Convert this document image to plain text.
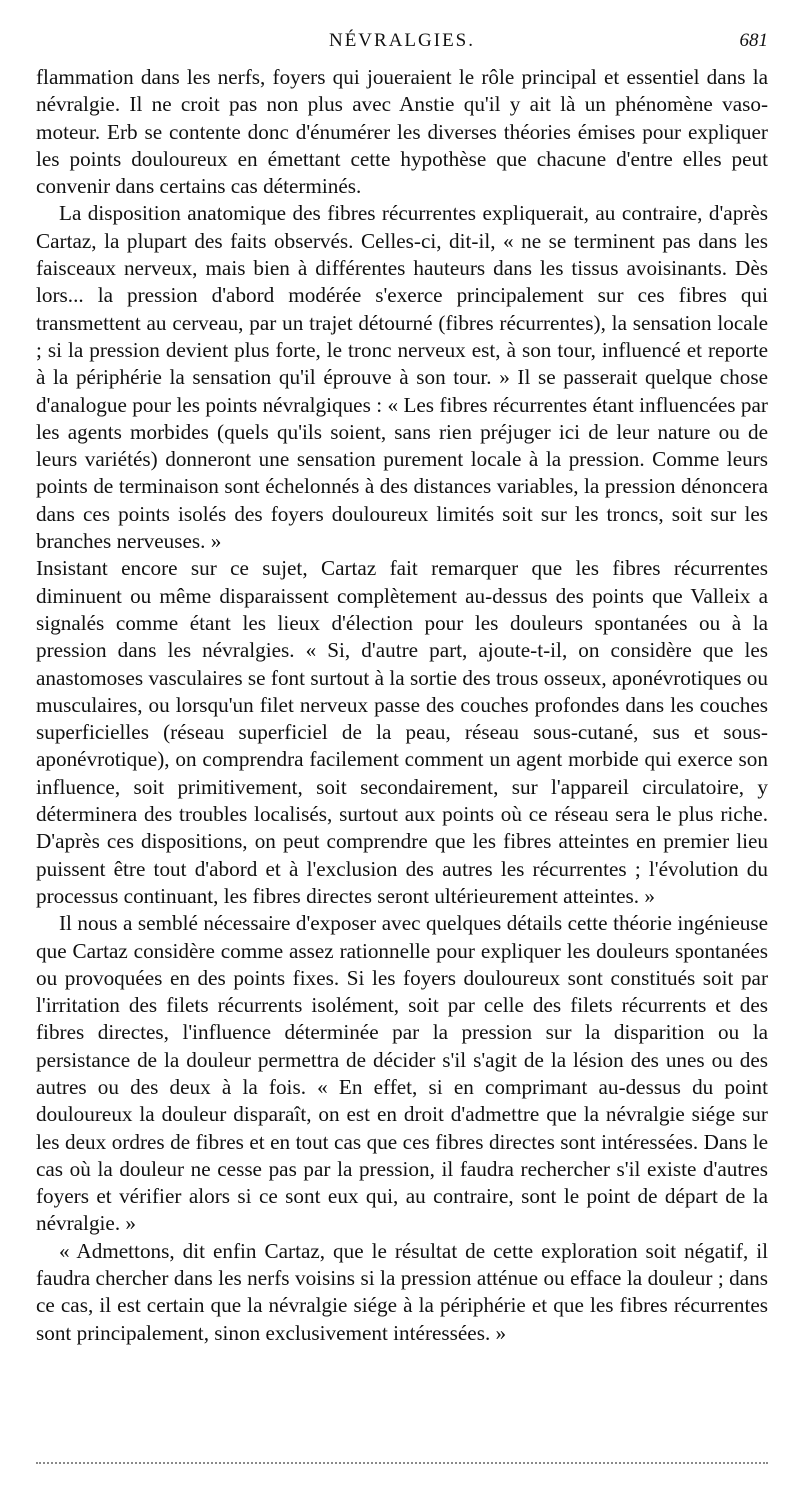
NÉVRALGIES.	681

flammation dans les nerfs, foyers qui joueraient le rôle principal et essentiel dans la névralgie. Il ne croit pas non plus avec Anstie qu'il y ait là un phénomène vaso-moteur. Erb se contente donc d'énumérer les diverses théories émises pour expliquer les points douloureux en émettant cette hypothèse que chacune d'entre elles peut convenir dans certains cas déterminés.

La disposition anatomique des fibres récurrentes expliquerait, au contraire, d'après Cartaz, la plupart des faits observés. Celles-ci, dit-il, « ne se terminent pas dans les faisceaux nerveux, mais bien à différentes hauteurs dans les tissus avoisinants. Dès lors... la pression d'abord modérée s'exerce principalement sur ces fibres qui transmettent au cerveau, par un trajet détourné (fibres récurrentes), la sensation locale ; si la pression devient plus forte, le tronc nerveux est, à son tour, influencé et reporte à la périphérie la sensation qu'il éprouve à son tour. » Il se passerait quelque chose d'analogue pour les points névralgiques : « Les fibres récurrentes étant influencées par les agents morbides (quels qu'ils soient, sans rien préjuger ici de leur nature ou de leurs variétés) donneront une sensation purement locale à la pression. Comme leurs points de terminaison sont échelonnés à des distances variables, la pression dénoncera dans ces points isolés des foyers douloureux limités soit sur les troncs, soit sur les branches nerveuses. »

Insistant encore sur ce sujet, Cartaz fait remarquer que les fibres récurrentes diminuent ou même disparaissent complètement au-dessus des points que Valleix a signalés comme étant les lieux d'élection pour les douleurs spontanées ou à la pression dans les névralgies. « Si, d'autre part, ajoute-t-il, on considère que les anastomoses vasculaires se font surtout à la sortie des trous osseux, aponévrotiques ou musculaires, ou lorsqu'un filet nerveux passe des couches profondes dans les couches superficielles (réseau superficiel de la peau, réseau sous-cutané, sus et sous-aponévrotique), on comprendra facilement comment un agent morbide qui exerce son influence, soit primitivement, soit secondairement, sur l'appareil circulatoire, y déterminera des troubles localisés, surtout aux points où ce réseau sera le plus riche. D'après ces dispositions, on peut comprendre que les fibres atteintes en premier lieu puissent être tout d'abord et à l'exclusion des autres les récurrentes ; l'évolution du processus continuant, les fibres directes seront ultérieurement atteintes. »

Il nous a semblé nécessaire d'exposer avec quelques détails cette théorie ingénieuse que Cartaz considère comme assez rationnelle pour expliquer les douleurs spontanées ou provoquées en des points fixes. Si les foyers douloureux sont constitués soit par l'irritation des filets récurrents isolément, soit par celle des filets récurrents et des fibres directes, l'influence déterminée par la pression sur la disparition ou la persistance de la douleur permettra de décider s'il s'agit de la lésion des unes ou des autres ou des deux à la fois. « En effet, si en comprimant au-dessus du point douloureux la douleur disparaît, on est en droit d'admettre que la névralgie siége sur les deux ordres de fibres et en tout cas que ces fibres directes sont intéressées. Dans le cas où la douleur ne cesse pas par la pression, il faudra rechercher s'il existe d'autres foyers et vérifier alors si ce sont eux qui, au contraire, sont le point de départ de la névralgie. »

« Admettons, dit enfin Cartaz, que le résultat de cette exploration soit négatif, il faudra chercher dans les nerfs voisins si la pression atténue ou efface la douleur ; dans ce cas, il est certain que la névralgie siége à la périphérie et que les fibres récurrentes sont principalement, sinon exclusivement intéressées. »
